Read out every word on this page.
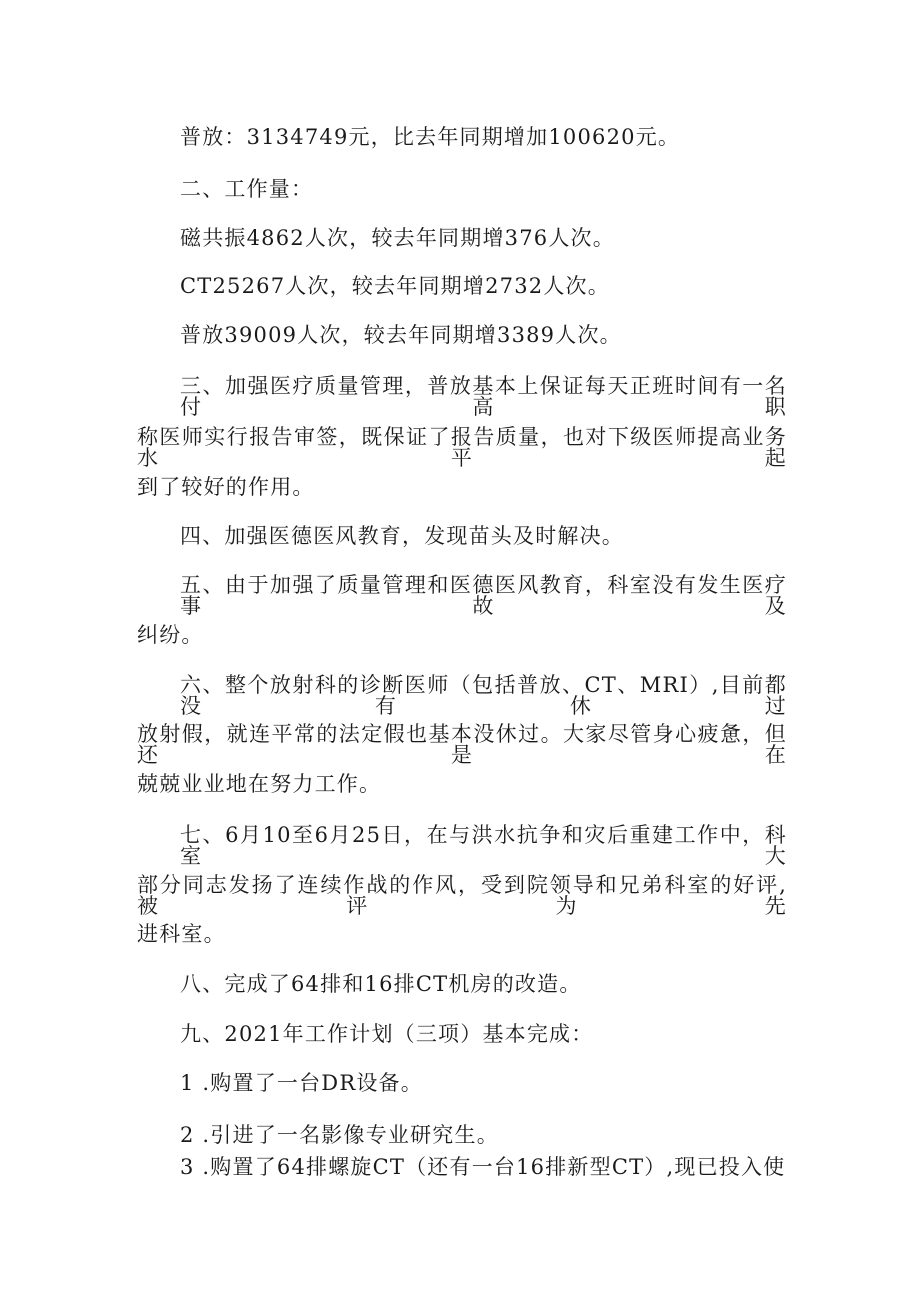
普放：3134749元，比去年同期增加100620元。
二、工作量：
磁共振4862人次，较去年同期增376人次。
CT25267人次，较去年同期增2732人次。
普放39009人次，较去年同期增3389人次。
三、加强医疗质量管理，普放基本上保证每天正班时间有一名付高职
称医师实行报告审签，既保证了报告质量，也对下级医师提高业务水平起
到了较好的作用。
四、加强医德医风教育，发现苗头及时解决。
五、由于加强了质量管理和医德医风教育，科室没有发生医疗事故及
纠纷。
六、整个放射科的诊断医师（包括普放、CT、MRI）,目前都没有休过
放射假，就连平常的法定假也基本没休过。大家尽管身心疲惫，但还是在
兢兢业业地在努力工作。
七、6月10至6月25日，在与洪水抗争和灾后重建工作中，科室大
部分同志发扬了连续作战的作风，受到院领导和兄弟科室的好评,被评为先
进科室。
八、完成了64排和16排CT机房的改造。
九、2021年工作计划（三项）基本完成：
1 .购置了一台DR设备。
2 .引进了一名影像专业研究生。
3 .购置了64排螺旋CT（还有一台16排新型CT）,现已投入使
